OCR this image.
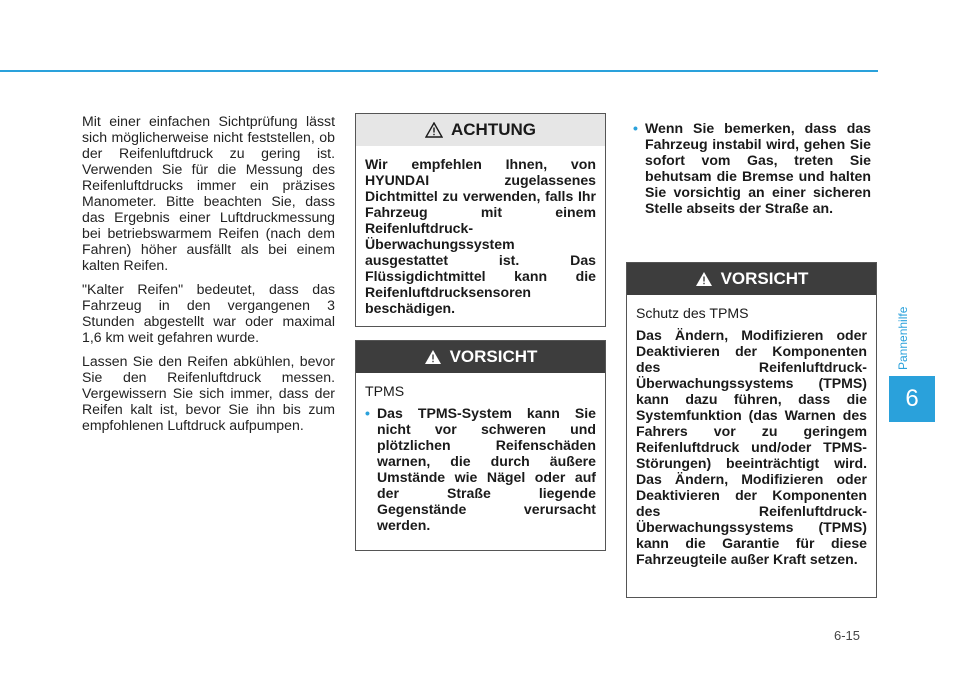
Pannenhilfe
6

Mit einer einfachen Sichtprüfung lässt sich möglicherweise nicht feststellen, ob der Reifenluftdruck zu gering ist. Verwenden Sie für die Messung des Reifenluftdrucks immer ein präzises Manometer. Bitte beachten Sie, dass das Ergebnis einer Luftdruckmessung bei betriebswarmem Reifen (nach dem Fahren) höher ausfällt als bei einem kalten Reifen.

"Kalter Reifen" bedeutet, dass das Fahrzeug in den vergangenen 3 Stunden abgestellt war oder maximal 1,6 km weit gefahren wurde.

Lassen Sie den Reifen abkühlen, bevor Sie den Reifenluftdruck messen. Vergewissern Sie sich immer, dass der Reifen kalt ist, bevor Sie ihn bis zum empfohlenen Luftdruck aufpumpen.

ACHTUNG

Wir empfehlen Ihnen, von HYUNDAI zugelassenes Dichtmittel zu verwenden, falls Ihr Fahrzeug mit einem Reifenluftdruck-Überwachungssystem ausgestattet ist. Das Flüssigdichtmittel kann die Reifenluftdrucksensoren beschädigen.

VORSICHT

TPMS

• Das TPMS-System kann Sie nicht vor schweren und plötzlichen Reifenschäden warnen, die durch äußere Umstände wie Nägel oder auf der Straße liegende Gegenstände verursacht werden.
• Wenn Sie bemerken, dass das Fahrzeug instabil wird, gehen Sie sofort vom Gas, treten Sie behutsam die Bremse und halten Sie vorsichtig an einer sicheren Stelle abseits der Straße an.
VORSICHT

Schutz des TPMS

Das Ändern, Modifizieren oder Deaktivieren der Komponenten des Reifenluftdruck-Überwachungssystems (TPMS) kann dazu führen, dass die Systemfunktion (das Warnen des Fahrers vor zu geringem Reifenluftdruck und/oder TPMS-Störungen) beeinträchtigt wird. Das Ändern, Modifizieren oder Deaktivieren der Komponenten des Reifenluftdruck-Überwachungssystems (TPMS) kann die Garantie für diese Fahrzeugteile außer Kraft setzen.

6-15
